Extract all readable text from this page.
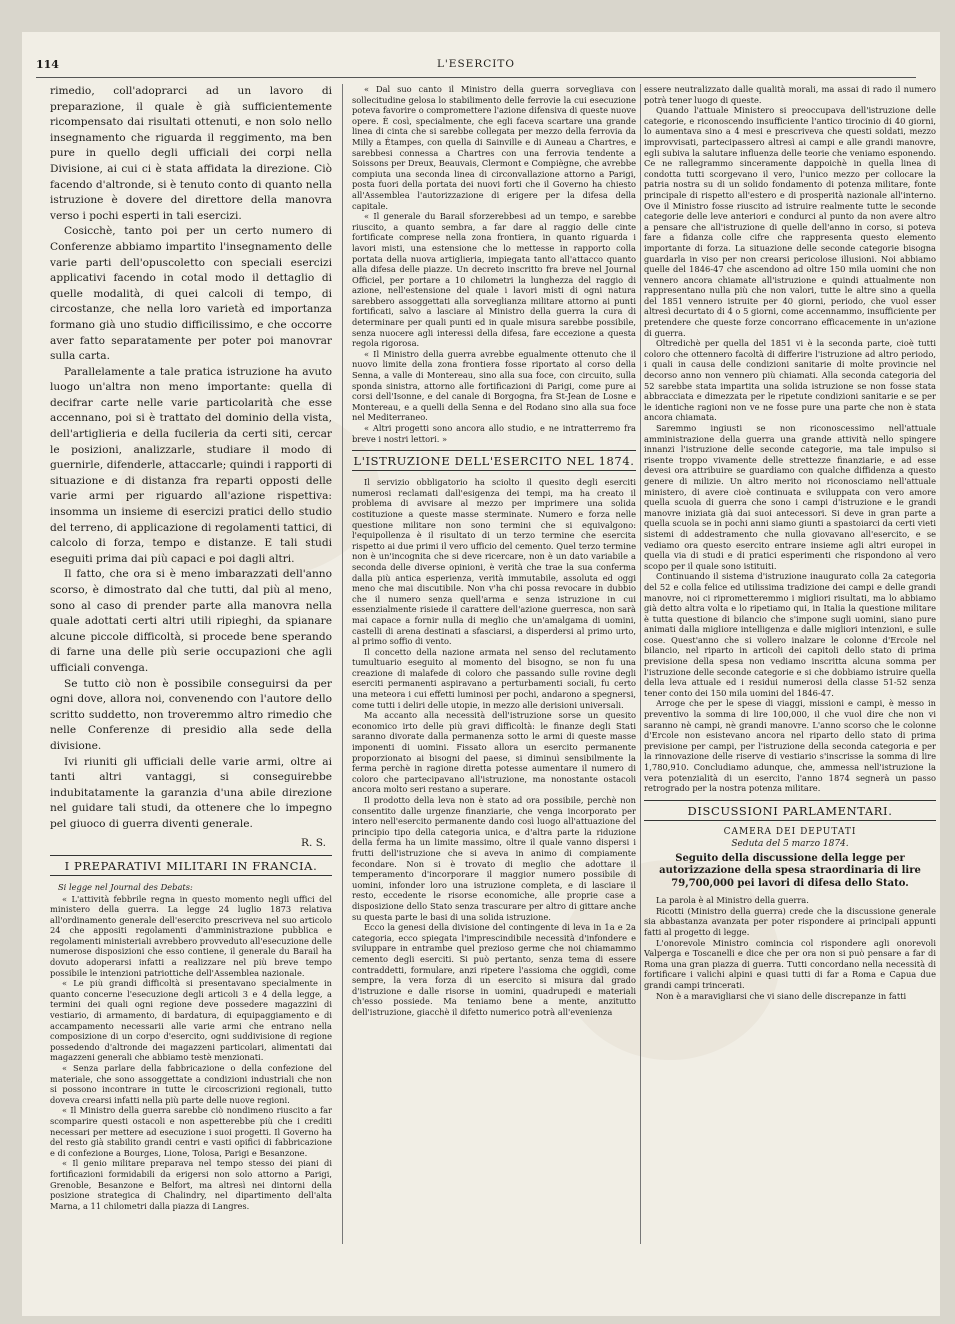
114	L'ESERCITO

rimedio, coll'adoprarci ad un lavoro di preparazione, il quale è già sufficientemente ricompensato dai risultati ottenuti, e non solo nello insegnamento che riguarda il reggimento, ma ben pure in quello degli ufficiali dei corpi nella Divisione, ai cui ci è stata affidata la direzione. Ciò facendo d'altronde, si è tenuto conto di quanto nella istruzione è dovere del direttore della manovra verso i pochi esperti in tali esercizi.

Cosicchè, tanto poi per un certo numero di Conferenze abbiamo impartito l'insegnamento delle varie parti dell'opuscoletto con speciali esercizi applicativi facendo in cotal modo il dettaglio di quelle modalità, di quei calcoli di tempo, di circostanze, che nella loro varietà ed importanza formano già uno studio difficilissimo, e che occorre aver fatto separatamente per poter poi manovrar sulla carta.

Parallelamente a tale pratica istruzione ha avuto luogo un'altra non meno importante: quella di decifrar carte nelle varie particolarità che esse accennano, poi si è trattato del dominio della vista, dell'artiglieria e della fucileria da certi siti, cercar le posizioni, analizzarle, studiare il modo di guernirle, difenderle, attaccarle; quindi i rapporti di situazione e di distanza fra reparti opposti delle varie armi per riguardo all'azione rispettiva: insomma un insieme di esercizi pratici dello studio del terreno, di applicazione di regolamenti tattici, di calcolo di forza, tempo e distanze. E tali studi eseguiti prima dai più capaci e poi dagli altri.

Il fatto, che ora si è meno imbarazzati dell'anno scorso, è dimostrato dal che tutti, dal più al meno, sono al caso di prender parte alla manovra nella quale adottati certi altri utili ripieghi, da spianare alcune piccole difficoltà, si procede bene sperando di farne una delle più serie occupazioni che agli ufficiali convenga.

Se tutto ciò non è possibile conseguirsi da per ogni dove, allora noi, convenendo con l'autore dello scritto suddetto, non troveremmo altro rimedio che nelle Conferenze di presidio alla sede della divisione.

Ivi riuniti gli ufficiali delle varie armi, oltre ai tanti altri vantaggi, si conseguirebbe indubitatamente la garanzia d'una abile direzione nel guidare tali studi, da ottenere che lo impegno pel giuoco di guerra diventi generale.

R. S.
I PREPARATIVI MILITARI IN FRANCIA.
Si legge nel Journal des Debats:

« L'attività febbrile regna in questo momento negli uffici del ministero della guerra. La legge 24 luglio 1873 relativa all'ordinamento generale dell'esercito prescriveva nel suo articolo 24 che appositi regolamenti d'amministrazione pubblica e regolamenti ministeriali avrebbero provveduto all'esecuzione delle numerose disposizioni che esso contiene, il generale du Barail ha dovuto adoperarsi infatti a realizzare nel più breve tempo possibile le intenzioni patriottiche dell'Assemblea nazionale.

« Le più grandi difficoltà si presentavano specialmente in quanto concerne l'esecuzione degli articoli 3 e 4 della legge, a termini dei quali ogni regione deve possedere magazzini di vestiario, di armamento, di bardatura, di equipaggiamento e di accampamento necessarii alle varie armi che entrano nella composizione di un corpo d'esercito, ogni suddivisione di regione possedendo d'altronde dei magazzeni particolari, alimentati dai magazzeni generali che abbiamo testè menzionati.

« Senza parlare della fabbricazione o della confezione del materiale, che sono assoggettate a condizioni industriali che non si possono incontrare in tutte le circoscrizioni regionali, tutto doveva crearsi infatti nella più parte delle nuove regioni.

« Il Ministro della guerra sarebbe ciò nondimeno riuscito a far scomparire questi ostacoli e non aspetterebbe più che i crediti necessari per mettere ad esecuzione i suoi progetti. Il Governo ha del resto già stabilito grandi centri e vasti opifici di fabbricazione e di confezione a Bourges, Lione, Tolosa, Parigi e Besanzone.

« Il genio militare preparava nel tempo stesso dei piani di fortificazioni formidabili da erigersi non solo attorno a Parigi, Grenoble, Besanzone e Belfort, ma altresì nei dintorni della posizione strategica di Chalindry, nel dipartimento dell'alta Marna, a 11 chilometri dalla piazza di Langres.

« Dal suo canto il Ministro della guerra sorvegliava con sollecitudine gelosa lo stabilimento delle ferrovie la cui esecuzione poteva favorire o compromettere l'azione difensiva di queste nuove opere. È così, specialmente, che egli faceva scartare una grande linea di cinta che si sarebbe collegata per mezzo della ferrovia da Milly a Étampes, con quella di Sainville e di Auneau a Chartres, e sarebbesi connessa a Chartres con una ferrovia tendente a Soissons per Dreux, Beauvais, Clermont e Compiègne, che avrebbe compiuta una seconda linea di circonvallazione attorno a Parigi, posta fuori della portata dei nuovi forti che il Governo ha chiesto all'Assemblea l'autorizzazione di erigere per la difesa della capitale.

« Il generale du Barail sforzerebbesi ad un tempo, e sarebbe riuscito, a quanto sembra, a far dare al raggio delle cinte fortificate comprese nella zona frontiera, in quanto riguarda i lavori misti, una estensione che lo mettesse in rapporto colla portata della nuova artiglieria, impiegata tanto all'attacco quanto alla difesa delle piazze. Un decreto inscritto fra breve nel Journal Officiel, per portare a 10 chilometri la lunghezza del raggio di azione, nell'estensione del quale i lavori misti di ogni natura sarebbero assoggettati alla sorveglianza militare attorno ai punti fortificati, salvo a lasciare al Ministro della guerra la cura di determinare per quali punti ed in quale misura sarebbe possibile, senza nuocere agli interessi della difesa, fare eccezione a questa regola rigorosa.

« Il Ministro della guerra avrebbe egualmente ottenuto che il nuovo limite della zona frontiera fosse riportato al corso della Senna, a valle di Montereau, sino alla sua foce, con circuito, sulla sponda sinistra, attorno alle fortificazioni di Parigi, come pure ai corsi dell'Isonne, e del canale di Borgogna, fra St-Jean de Losne e Montereau, e a quelli della Senna e del Rodano sino alla sua foce nel Mediterraneo.

« Altri progetti sono ancora allo studio, e ne intratterremo fra breve i nostri lettori. »

L'ISTRUZIONE DELL'ESERCITO NEL 1874.

Il servizio obbligatorio ha sciolto il quesito degli eserciti numerosi reclamati dall'esigenza dei tempi, ma ha creato il problema di avvisare al mezzo per imprimere una solida costituzione a queste masse sterminate. Numero e forza nelle questione militare non sono termini che si equivalgono: l'equipollenza è il risultato di un terzo termine che esercita rispetto ai due primi il vero ufficio del cemento. Quel terzo termine non è un'incognita che si deve ricercare, non è un dato variabile a seconda delle diverse opinioni, è verità che trae la sua conferma dalla più antica esperienza, verità immutabile, assoluta ed oggi meno che mai discutibile. Non v'ha chi possa revocare in dubbio che il numero senza quell'arma e senza istruzione in cui essenzialmente risiede il carattere dell'azione guerresca, non sarà mai capace a fornir nulla di meglio che un'amalgama di uomini, castelli di arena destinati a sfasciarsi, a disperdersi al primo urto, al primo soffio di vento.

Il concetto della nazione armata nel senso del reclutamento tumultuario eseguito al momento del bisogno, se non fu una creazione di malafede di coloro che passando sulle rovine degli eserciti permanenti aspiravano a perturbamenti sociali, fu certo una meteora i cui effetti luminosi per pochi, andarono a spegnersi, come tutti i deliri delle utopie, in mezzo alle derisioni universali.

Ma accanto alla necessità dell'istruzione sorse un quesito economico irto delle più gravi difficoltà: le finanze degli Stati saranno divorate dalla permanenza sotto le armi di queste masse imponenti di uomini. Fissato allora un esercito permanente proporzionato ai bisogni del paese, si diminuì sensibilmente la ferma perchè in ragione diretta potesse aumentare il numero di coloro che partecipavano all'istruzione, ma nonostante ostacoli ancora molto seri restano a superare.

Il prodotto della leva non è stato ad ora possibile, perchè non consentito dalle urgenze finanziarie, che venga incorporato per intero nell'esercito permanente dando così luogo all'attuazione del principio tipo della categoria unica, e d'altra parte la riduzione della ferma ha un limite massimo, oltre il quale vanno dispersi i frutti dell'istruzione che si aveva in animo di compiamente fecondare. Non si è trovato di meglio che adottare il temperamento d'incorporare il maggior numero possibile di uomini, infonder loro una istruzione completa, e di lasciare il resto, eccedente le risorse economiche, alle proprie case a disposizione dello Stato senza trascurare per altro di gittare anche su questa parte le basi di una solida istruzione.

Ecco la genesi della divisione del contingente di leva in 1a e 2a categoria, ecco spiegata l'imprescindibile necessità d'infondere e sviluppare in entrambe quel prezioso germe che noi chiamammo cemento degli eserciti. Si può pertanto, senza tema di essere contraddetti, formulare, anzi ripetere l'assioma che oggidì, come sempre, la vera forza di un esercito si misura dal grado d'istruzione e dalle risorse in uomini, quadrupedi e materiali ch'esso possiede. Ma teniamo bene a mente, anzitutto dell'istruzione, giacchè il difetto numerico potrà all'evenienza

essere neutralizzato dalle qualità morali, ma assai di rado il numero potrà tener luogo di queste.

Quando l'attuale Ministero si preoccupava dell'istruzione delle categorie, e riconoscendo insufficiente l'antico tirocinio di 40 giorni, lo aumentava sino a 4 mesi e prescriveva che questi soldati, mezzo improvvisati, partecipassero altresì ai campi e alle grandi manovre, egli subiva la salutare influenza delle teorie che veniamo esponendo. Ce ne rallegrammo sinceramente dappoichè in quella linea di condotta tutti scorgevano il vero, l'unico mezzo per collocare la patria nostra su di un solido fondamento di potenza militare, fonte principale di rispetto all'estero e di prosperità nazionale all'interno. Ove il Ministro fosse riuscito ad istruire realmente tutte le seconde categorie delle leve anteriori e condurci al punto da non avere altro a pensare che all'istruzione di quelle dell'anno in corso, si poteva fare a fidanza colle cifre che rappresenta questo elemento importante di forza. La situazione delle seconde categorie bisogna guardarla in viso per non crearsi pericolose illusioni. Noi abbiamo quelle del 1846-47 che ascendono ad oltre 150 mila uomini che non vennero ancora chiamate all'istruzione e quindi attualmente non rappresentano nulla più che non valori, tutte le altre sino a quella del 1851 vennero istruite per 40 giorni, periodo, che vuol esser altresì decurtato di 4 o 5 giorni, come accennammo, insufficiente per pretendere che queste forze concorrano efficacemente in un'azione di guerra.

Oltredichè per quella del 1851 vi è la seconda parte, cioè tutti coloro che ottennero facoltà di differire l'istruzione ad altro periodo, i quali in causa delle condizioni sanitarie di molte provincie nel decorso anno non vennero più chiamati. Alla seconda categoria del 52 sarebbe stata impartita una solida istruzione se non fosse stata abbracciata e dimezzata per le ripetute condizioni sanitarie e se per le identiche ragioni non ve ne fosse pure una parte che non è stata ancora chiamata.

Saremmo ingiusti se non riconoscessimo nell'attuale amministrazione della guerra una grande attività nello spingere innanzi l'istruzione delle seconde categorie, ma tale impulso si risente troppo vivamente delle strettezze finanziarie, e ad esse devesi ora attribuire se guardiamo con qualche diffidenza a questo genere di milizie. Un altro merito noi riconosciamo nell'attuale ministero, di avere cioè continuata e sviluppata con vero amore quella scuola di guerra che sono i campi d'istruzione e le grandi manovre iniziata già dai suoi antecessori. Si deve in gran parte a quella scuola se in pochi anni siamo giunti a spastoiarci da certi vieti sistemi di addestramento che nulla giovavano all'esercito, e se vediamo ora questo esercito entrare insieme agli altri europei in quella via di studi e di pratici esperimenti che rispondono al vero scopo per il quale sono istituiti.

Continuando il sistema d'istruzione inaugurato colla 2a categoria del 52 e colla felice ed utilissima tradizione dei campi e delle grandi manovre, noi ci riprometteremmo i migliori risultati, ma lo abbiamo già detto altra volta e lo ripetiamo qui, in Italia la questione militare è tutta questione di bilancio che s'impone sugli uomini, siano pure animati dalla migliore intelligenza e dalle migliori intenzioni, e sulle cose. Quest'anno che si vollero inalzare le colonne d'Ercole nel bilancio, nel riparto in articoli dei capitoli dello stato di prima previsione della spesa non vediamo inscritta alcuna somma per l'istruzione delle seconde categorie e si che dobbiamo istruire quella della leva attuale ed i residui numerosi della classe 51-52 senza tener conto dei 150 mila uomini del 1846-47.

Arroge che per le spese di viaggi, missioni e campi, è messo in preventivo la somma di lire 100,000, il che vuol dire che non vi saranno nè campi, nè grandi manovre. L'anno scorso che le colonne d'Ercole non esistevano ancora nel riparto dello stato di prima previsione per campi, per l'istruzione della seconda categoria e per la rinnovazione delle riserve di vestiario s'inscrisse la somma di lire 1,780,910. Concludiamo adunque, che, ammessa nell'istruzione la vera potenzialità di un esercito, l'anno 1874 segnerà un passo retrogrado per la nostra potenza militare.

DISCUSSIONI PARLAMENTARI.
CAMERA DEI DEPUTATI
Seduta del 5 marzo 1874.
Seguito della discussione della legge per autorizzazione della spesa straordinaria di lire 79,700,000 pei lavori di difesa dello Stato.

La parola è al Ministro della guerra.

Ricotti (Ministro della guerra) crede che la discussione generale sia abbastanza avanzata per poter rispondere ai principali appunti fatti al progetto di legge.

L'onorevole Ministro comincia col rispondere agli onorevoli Valperga e Toscanelli e dice che per ora non si può pensare a far di Roma una gran piazza di guerra. Tutti concordano nella necessità di fortificare i valichi alpini e quasi tutti di far a Roma e Capua due grandi campi trincerati.

Non è a maravigliarsi che vi siano delle discrepanze in fatti
